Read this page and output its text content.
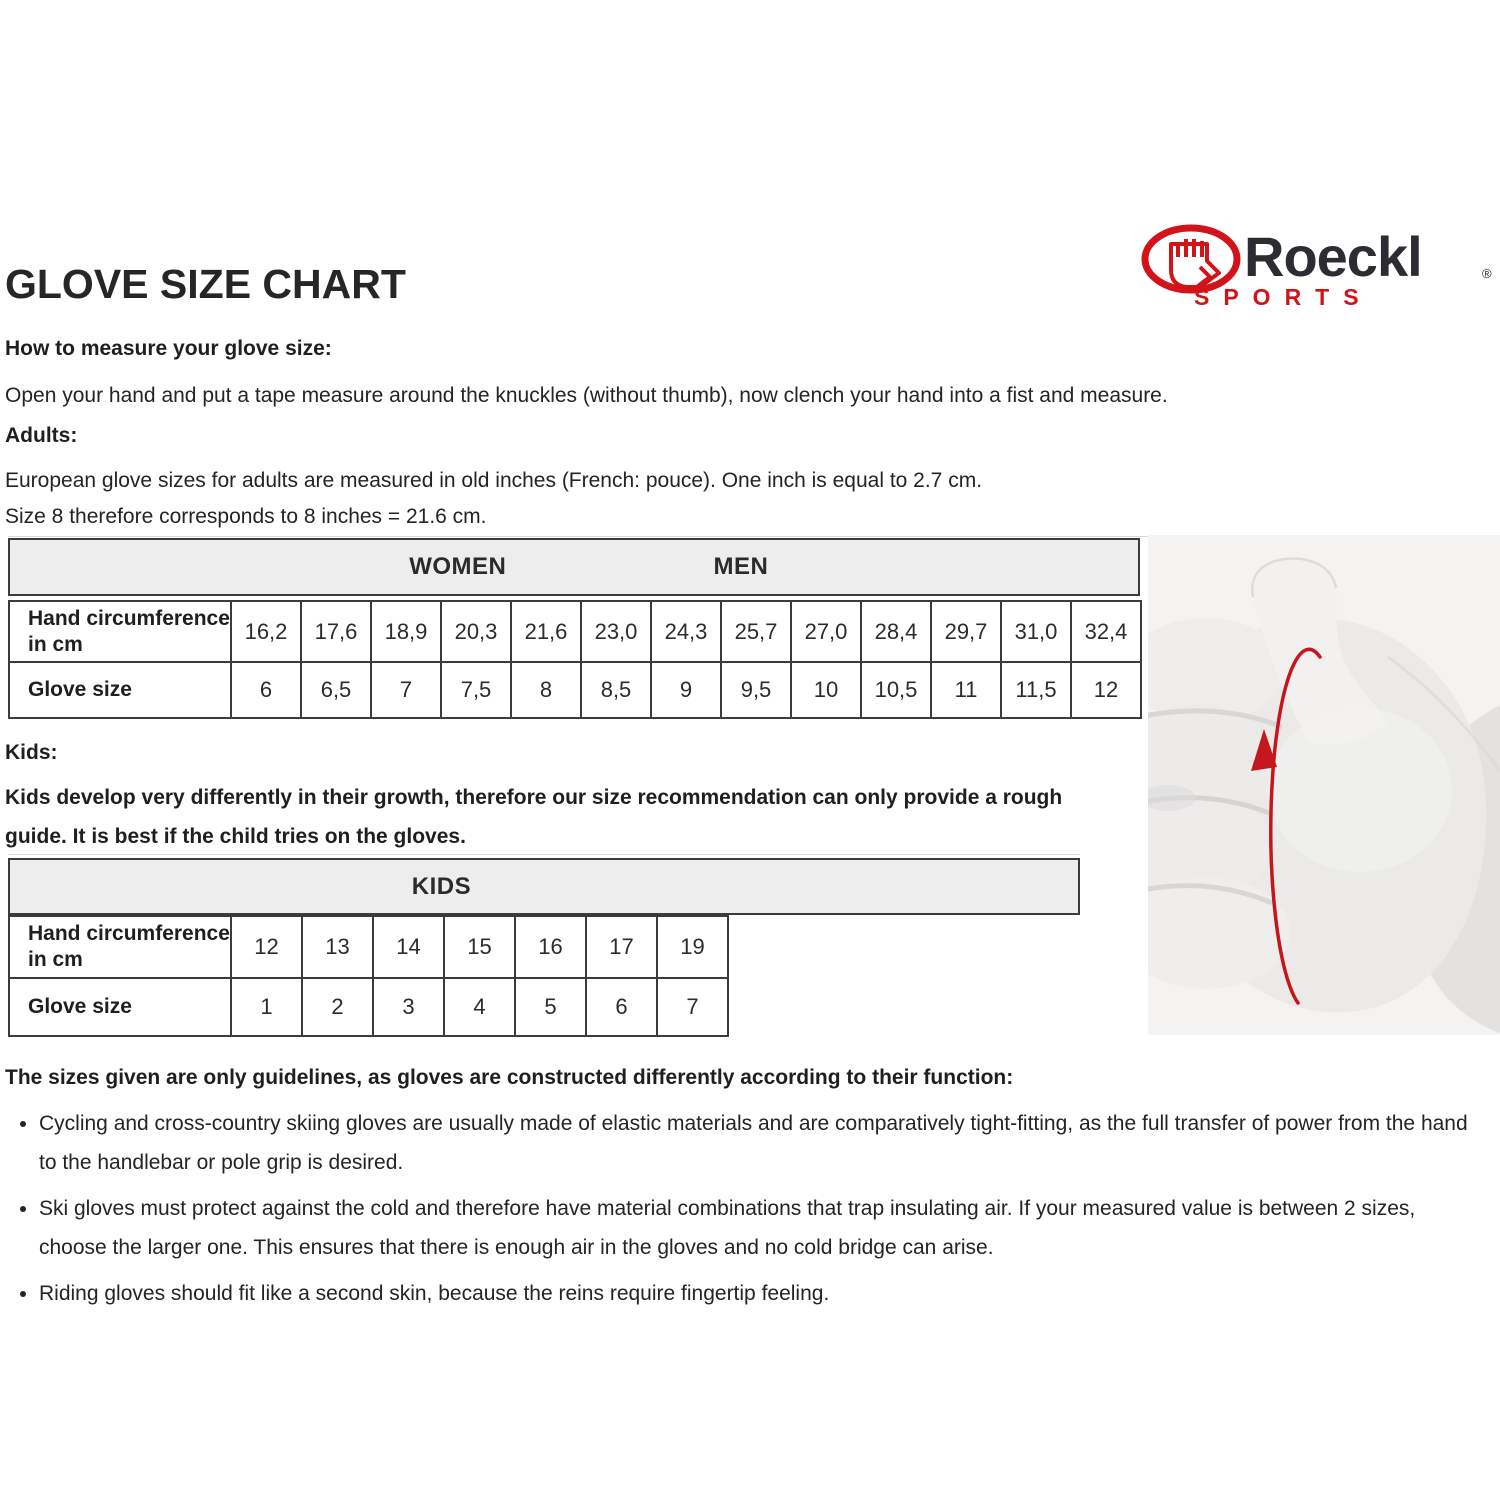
GLOVE SIZE CHART	Roeckl	®
SPORTS
How to measure your glove size:
Open your hand and put a tape measure around the knuckles (without thumb), now clench your hand into a fist and measure.
Adults:
European glove sizes for adults are measured in old inches (French: pouce). One inch is equal to 2.7 cm.
Size 8 therefore corresponds to 8 inches = 21.6 cm.
WOMEN	MEN
Hand circumference in cm	16,2	17,6	18,9	20,3	21,6	23,0	24,3	25,7	27,0	28,4	29,7	31,0	32,4
Glove size	6	6,5	7	7,5	8	8,5	9	9,5	10	10,5	11	11,5	12
Kids:
Kids develop very differently in their growth, therefore our size recommendation can only provide a rough guide. It is best if the child tries on the gloves.
KIDS
Hand circumference in cm	12	13	14	15	16	17	19
Glove size	1	2	3	4	5	6	7
The sizes given are only guidelines, as gloves are constructed differently according to their function:
• Cycling and cross-country skiing gloves are usually made of elastic materials and are comparatively tight-fitting, as the full transfer of power from the hand to the handlebar or pole grip is desired.
• Ski gloves must protect against the cold and therefore have material combinations that trap insulating air. If your measured value is between 2 sizes, choose the larger one. This ensures that there is enough air in the gloves and no cold bridge can arise.
• Riding gloves should fit like a second skin, because the reins require fingertip feeling.
